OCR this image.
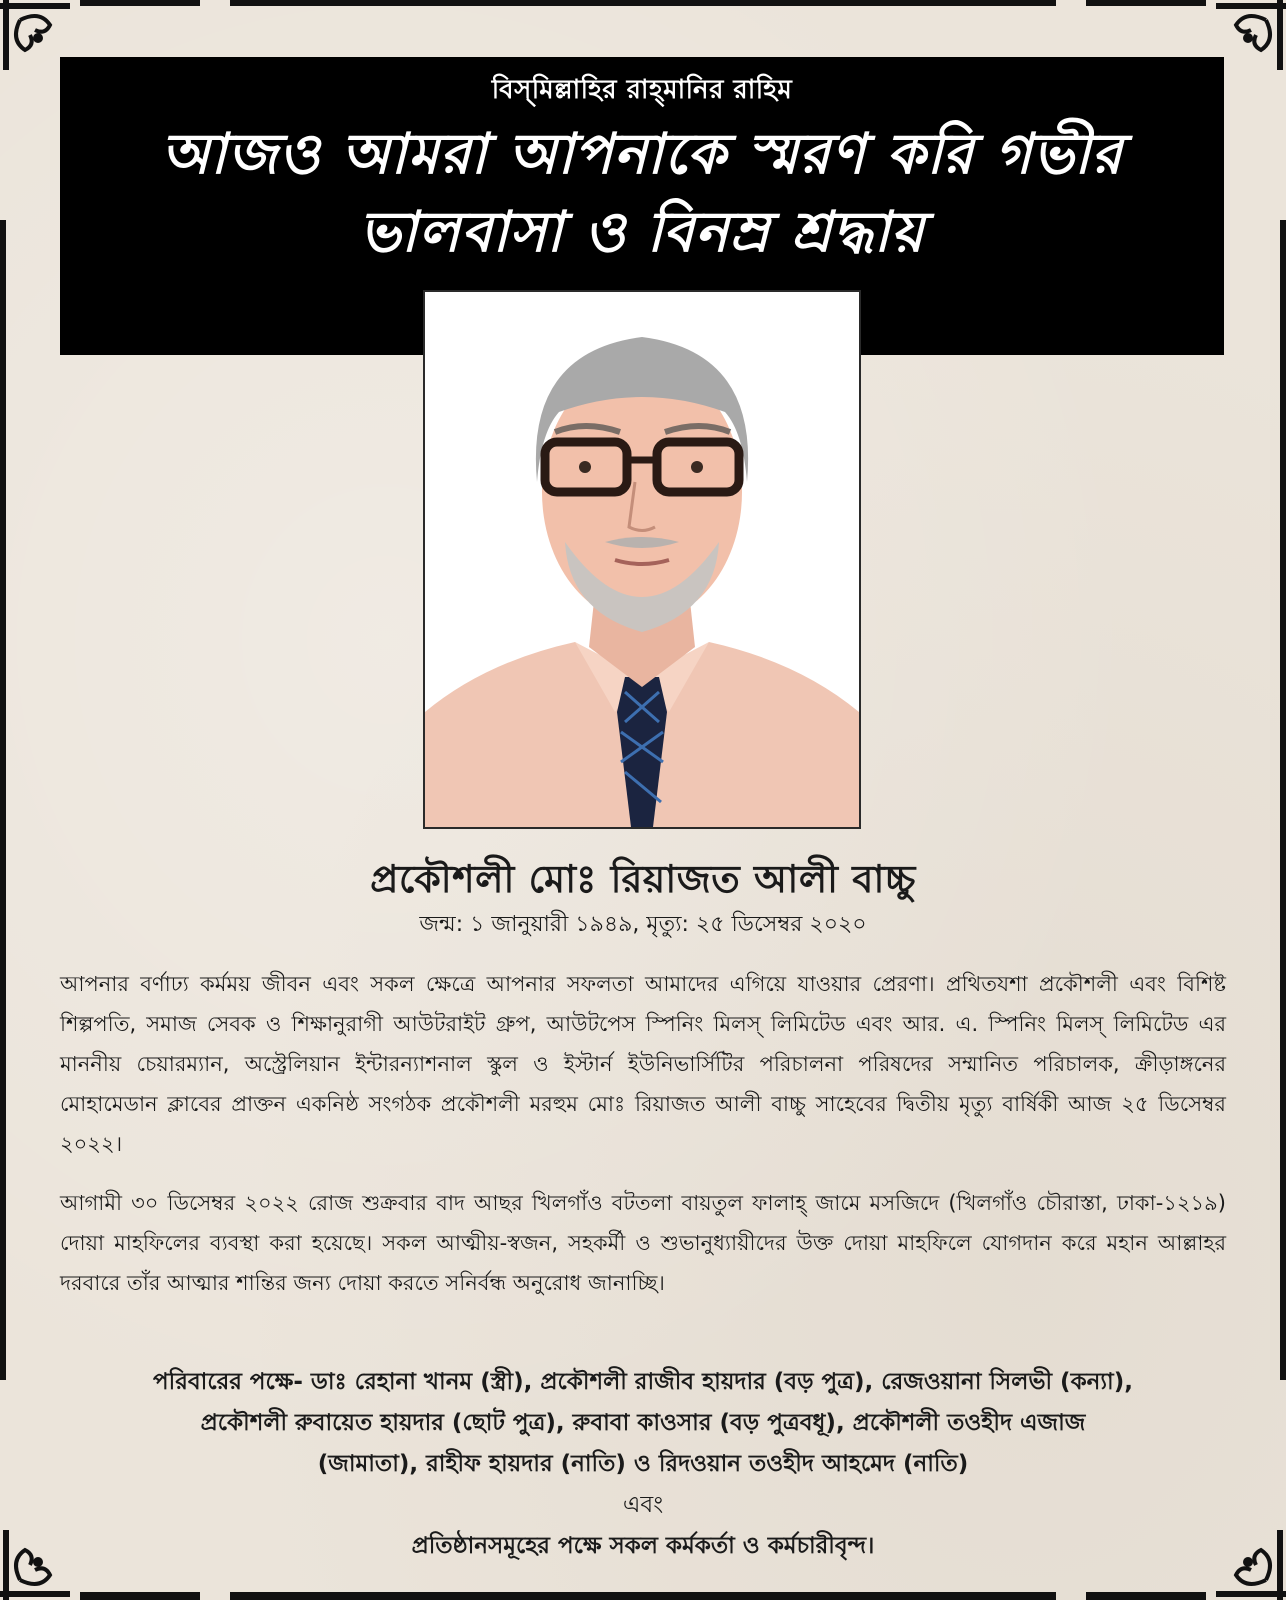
বিস্‌মিল্লাহির রাহ্‌মানির রাহিম
আজও আমরা আপনাকে স্মরণ করি গভীর
ভালবাসা ও বিনম্র শ্রদ্ধায়
প্রকৌশলী মোঃ রিয়াজত আলী বাচ্চু
জন্ম: ১ জানুয়ারী ১৯৪৯, মৃত্যু: ২৫ ডিসেম্বর ২০২০
আপনার বর্ণাঢ্য কর্মময় জীবন এবং সকল ক্ষেত্রে আপনার সফলতা আমাদের এগিয়ে যাওয়ার প্রেরণা। প্রথিতযশা প্রকৌশলী এবং বিশিষ্ট শিল্পপতি, সমাজ সেবক ও শিক্ষানুরাগী আউটরাইট গ্রুপ, আউটপেস স্পিনিং মিলস্ লিমিটেড এবং আর. এ. স্পিনিং মিলস্ লিমিটেড এর মাননীয় চেয়ারম্যান, অস্ট্রেলিয়ান ইন্টারন্যাশনাল স্কুল ও ইস্টার্ন ইউনিভার্সিটির পরিচালনা পরিষদের সম্মানিত পরিচালক, ক্রীড়াঙ্গনের মোহামেডান ক্লাবের প্রাক্তন একনিষ্ঠ সংগঠক প্রকৌশলী মরহুম মোঃ রিয়াজত আলী বাচ্চু সাহেবের দ্বিতীয় মৃত্যু বার্ষিকী আজ ২৫ ডিসেম্বর ২০২২।
আগামী ৩০ ডিসেম্বর ২০২২ রোজ শুক্রবার বাদ আছর খিলগাঁও বটতলা বায়তুল ফালাহ্ জামে মসজিদে (খিলগাঁও চৌরাস্তা, ঢাকা-১২১৯) দোয়া মাহফিলের ব্যবস্থা করা হয়েছে। সকল আত্মীয়-স্বজন, সহকর্মী ও শুভানুধ্যায়ীদের উক্ত দোয়া মাহফিলে যোগদান করে মহান আল্লাহর দরবারে তাঁর আত্মার শান্তির জন্য দোয়া করতে সনির্বন্ধ অনুরোধ জানাচ্ছি।
পরিবারের পক্ষে- ডাঃ রেহানা খানম (স্ত্রী), প্রকৌশলী রাজীব হায়দার (বড় পুত্র), রেজওয়ানা সিলভী (কন্যা),
প্রকৌশলী রুবায়েত হায়দার (ছোট পুত্র), রুবাবা কাওসার (বড় পুত্রবধূ), প্রকৌশলী তওহীদ এজাজ
(জামাতা), রাহীফ হায়দার (নাতি) ও রিদওয়ান তওহীদ আহমেদ (নাতি)
এবং
প্রতিষ্ঠানসমূহের পক্ষে সকল কর্মকর্তা ও কর্মচারীবৃন্দ।
